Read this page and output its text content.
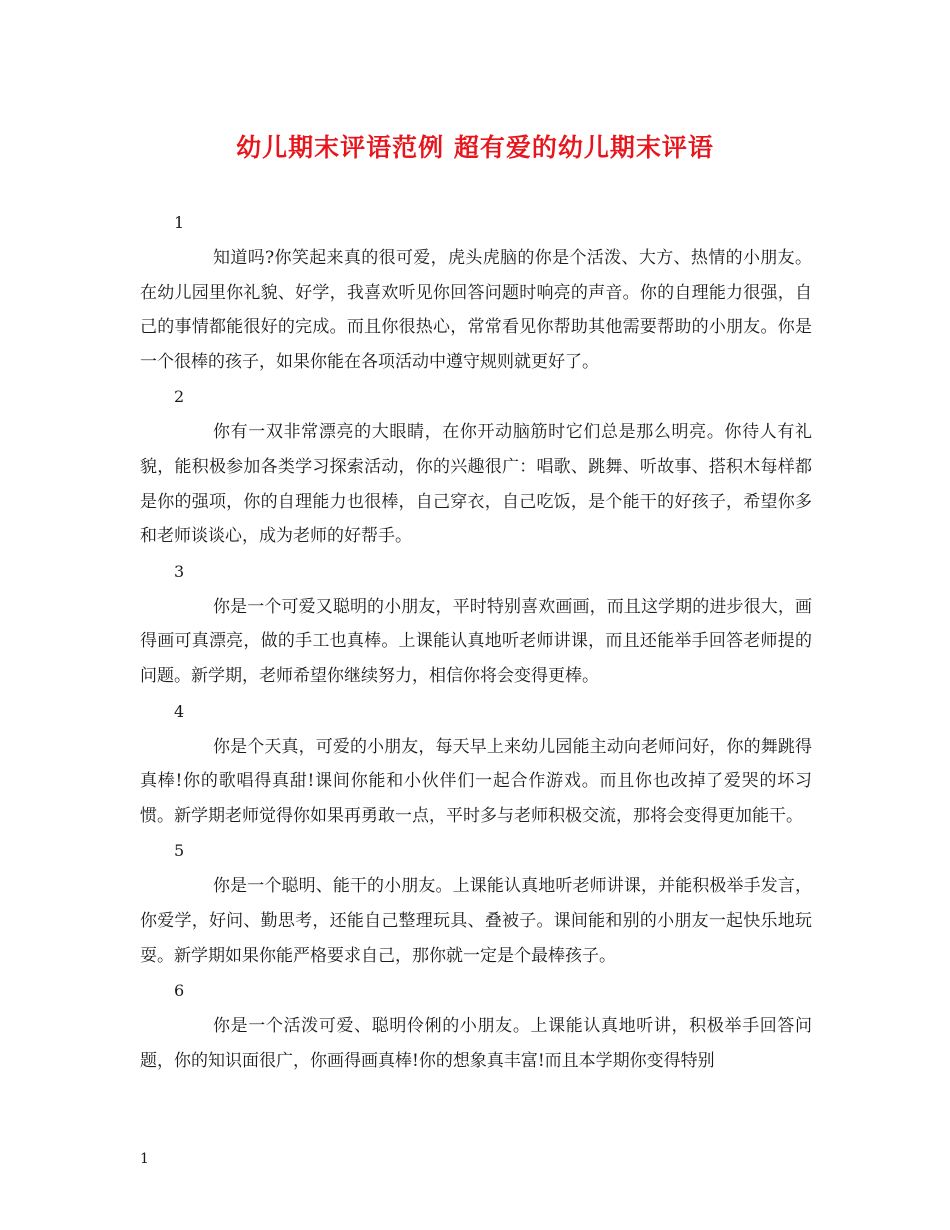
幼儿期末评语范例 超有爱的幼儿期末评语

1

知道吗?你笑起来真的很可爱，虎头虎脑的你是个活泼、大方、热情的小朋友。在幼儿园里你礼貌、好学，我喜欢听见你回答问题时响亮的声音。你的自理能力很强，自己的事情都能很好的完成。而且你很热心，常常看见你帮助其他需要帮助的小朋友。你是一个很棒的孩子，如果你能在各项活动中遵守规则就更好了。

2

你有一双非常漂亮的大眼睛，在你开动脑筋时它们总是那么明亮。你待人有礼貌，能积极参加各类学习探索活动，你的兴趣很广：唱歌、跳舞、听故事、搭积木每样都是你的强项，你的自理能力也很棒，自己穿衣，自己吃饭，是个能干的好孩子，希望你多和老师谈谈心，成为老师的好帮手。

3

你是一个可爱又聪明的小朋友，平时特别喜欢画画，而且这学期的进步很大，画得画可真漂亮，做的手工也真棒。上课能认真地听老师讲课，而且还能举手回答老师提的问题。新学期，老师希望你继续努力，相信你将会变得更棒。

4

你是个天真，可爱的小朋友，每天早上来幼儿园能主动向老师问好，你的舞跳得真棒!你的歌唱得真甜!课间你能和小伙伴们一起合作游戏。而且你也改掉了爱哭的坏习惯。新学期老师觉得你如果再勇敢一点，平时多与老师积极交流，那将会变得更加能干。

5

你是一个聪明、能干的小朋友。上课能认真地听老师讲课，并能积极举手发言，你爱学，好问、勤思考，还能自己整理玩具、叠被子。课间能和别的小朋友一起快乐地玩耍。新学期如果你能严格要求自己，那你就一定是个最棒孩子。

6

你是一个活泼可爱、聪明伶俐的小朋友。上课能认真地听讲，积极举手回答问题，你的知识面很广，你画得画真棒!你的想象真丰富!而且本学期你变得特别

1
